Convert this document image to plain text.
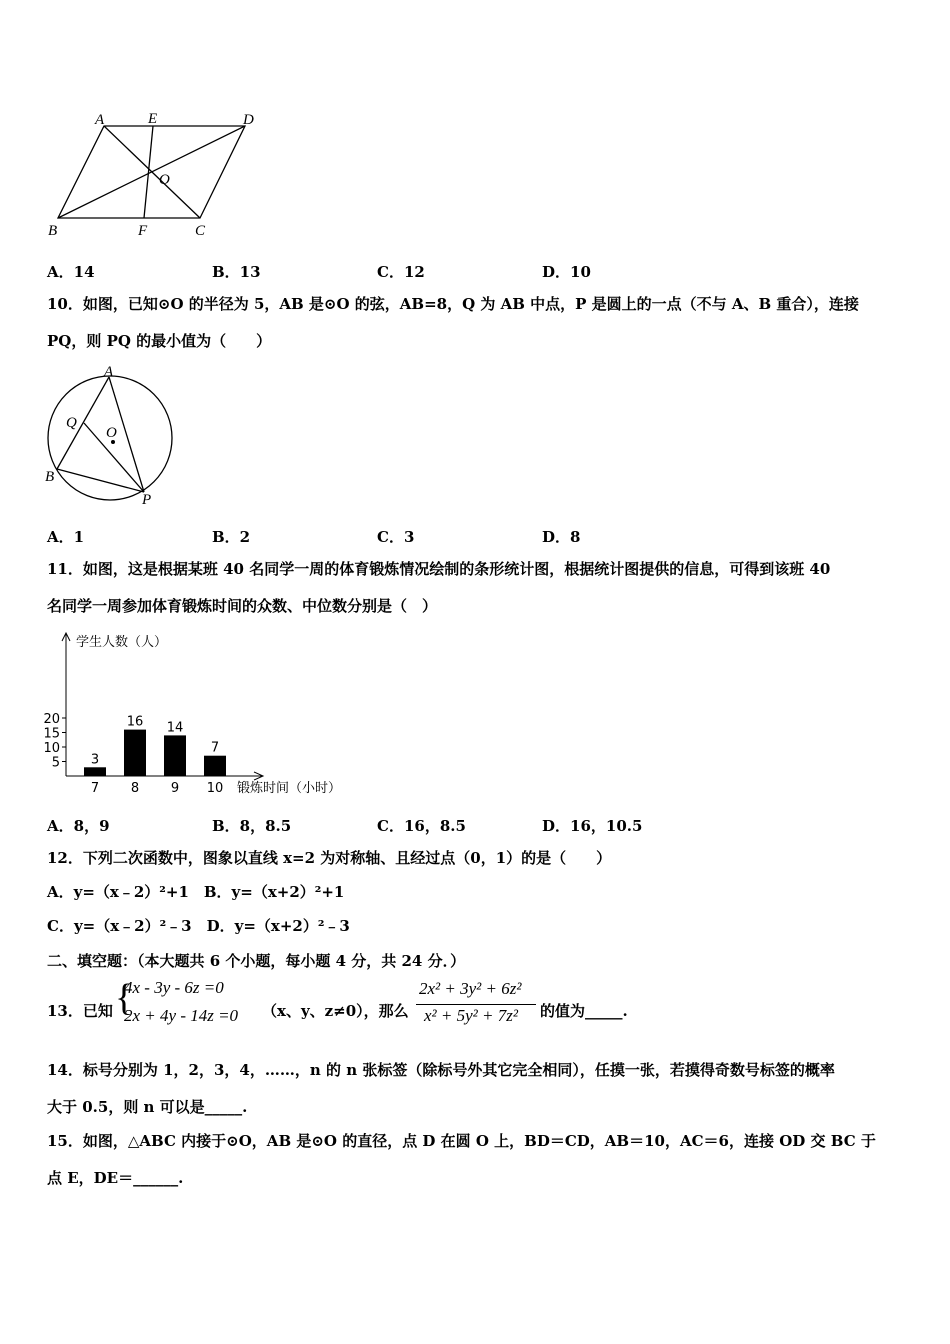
A	E	D
O
B	F	C
A．14	B．13	C．12	D．10
10．如图，已知⊙O 的半径为 5，AB 是⊙O 的弦，AB=8，Q 为 AB 中点，P 是圆上的一点（不与 A、B 重合），连接
PQ，则 PQ 的最小值为（　　）
A
Q
O
B
P
A．1	B．2	C．3	D．8
11．如图，这是根据某班 40 名同学一周的体育锻炼情况绘制的条形统计图，根据统计图提供的信息，可得到该班 40
名同学一周参加体育锻炼时间的众数、中位数分别是（　）
学生人数（人）
锻炼时间（小时）
5
10
15
20
3
7
16
8
14
9
7
10
A．8，9	B．8，8.5	C．16，8.5	D．16，10.5
12．下列二次函数中，图象以直线 x=2 为对称轴、且经过点（0，1）的是（　　）
A．y=（x﹣2）²+1　B．y=（x+2）²+1
C．y=（x﹣2）²﹣3　D．y=（x+2）²﹣3
二、填空题：（本大题共 6 个小题，每小题 4 分，共 24 分．）
13．已知 {
4x - 3y - 6z =0
2x + 4y - 14z =0 （x、y、z≠0），那么
2x² + 3y² + 6z²
x² + 5y² + 7z² 的值为_____.
14．标号分别为 1，2，3，4，……，n 的 n 张标签（除标号外其它完全相同），任摸一张，若摸得奇数号标签的概率
大于 0.5，则 n 可以是_____.
15．如图，△ABC 内接于⊙O，AB 是⊙O 的直径，点 D 在圆 O 上，BD＝CD，AB＝10，AC＝6，连接 OD 交 BC 于
点 E，DE＝______.
